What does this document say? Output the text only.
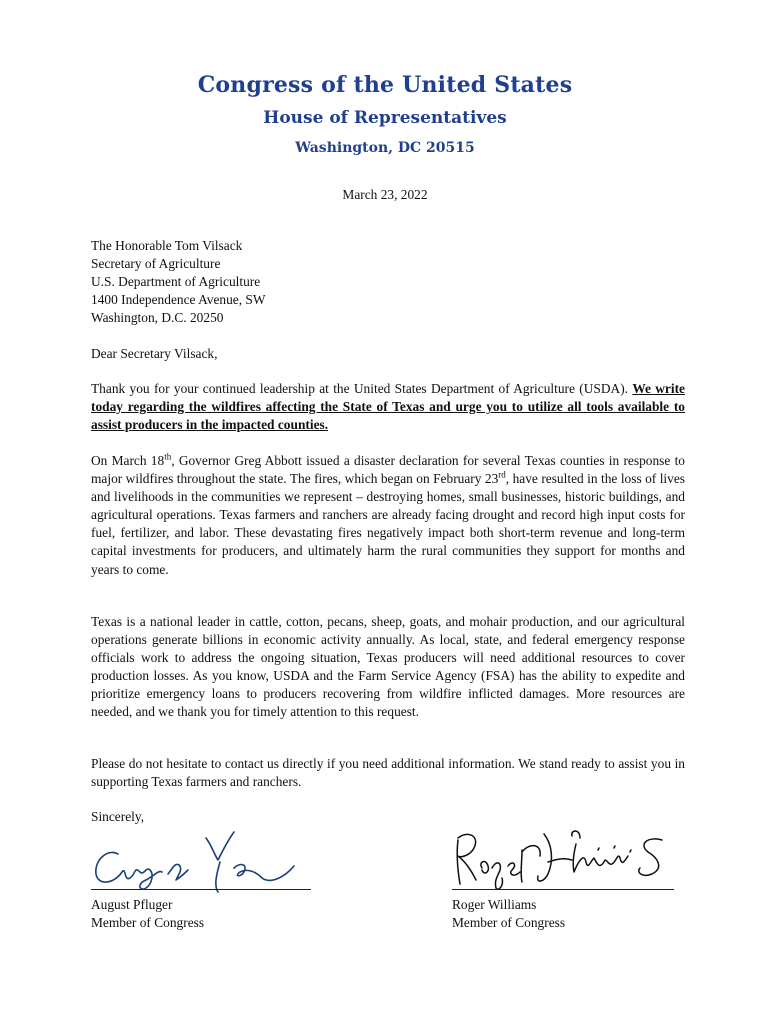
Congress of the United States
House of Representatives
Washington, DC 20515
March 23, 2022
The Honorable Tom Vilsack
Secretary of Agriculture
U.S. Department of Agriculture
1400 Independence Avenue, SW
Washington, D.C. 20250
Dear Secretary Vilsack,
Thank you for your continued leadership at the United States Department of Agriculture (USDA). We write today regarding the wildfires affecting the State of Texas and urge you to utilize all tools available to assist producers in the impacted counties.
On March 18th, Governor Greg Abbott issued a disaster declaration for several Texas counties in response to major wildfires throughout the state. The fires, which began on February 23rd, have resulted in the loss of lives and livelihoods in the communities we represent – destroying homes, small businesses, historic buildings, and agricultural operations. Texas farmers and ranchers are already facing drought and record high input costs for fuel, fertilizer, and labor. These devastating fires negatively impact both short-term revenue and long-term capital investments for producers, and ultimately harm the rural communities they support for months and years to come.
Texas is a national leader in cattle, cotton, pecans, sheep, goats, and mohair production, and our agricultural operations generate billions in economic activity annually. As local, state, and federal emergency response officials work to address the ongoing situation, Texas producers will need additional resources to cover production losses. As you know, USDA and the Farm Service Agency (FSA) has the ability to expedite and prioritize emergency loans to producers recovering from wildfire inflicted damages. More resources are needed, and we thank you for timely attention to this request.
Please do not hesitate to contact us directly if you need additional information. We stand ready to assist you in supporting Texas farmers and ranchers.
Sincerely,
August Pfluger
Member of Congress
Roger Williams
Member of Congress
